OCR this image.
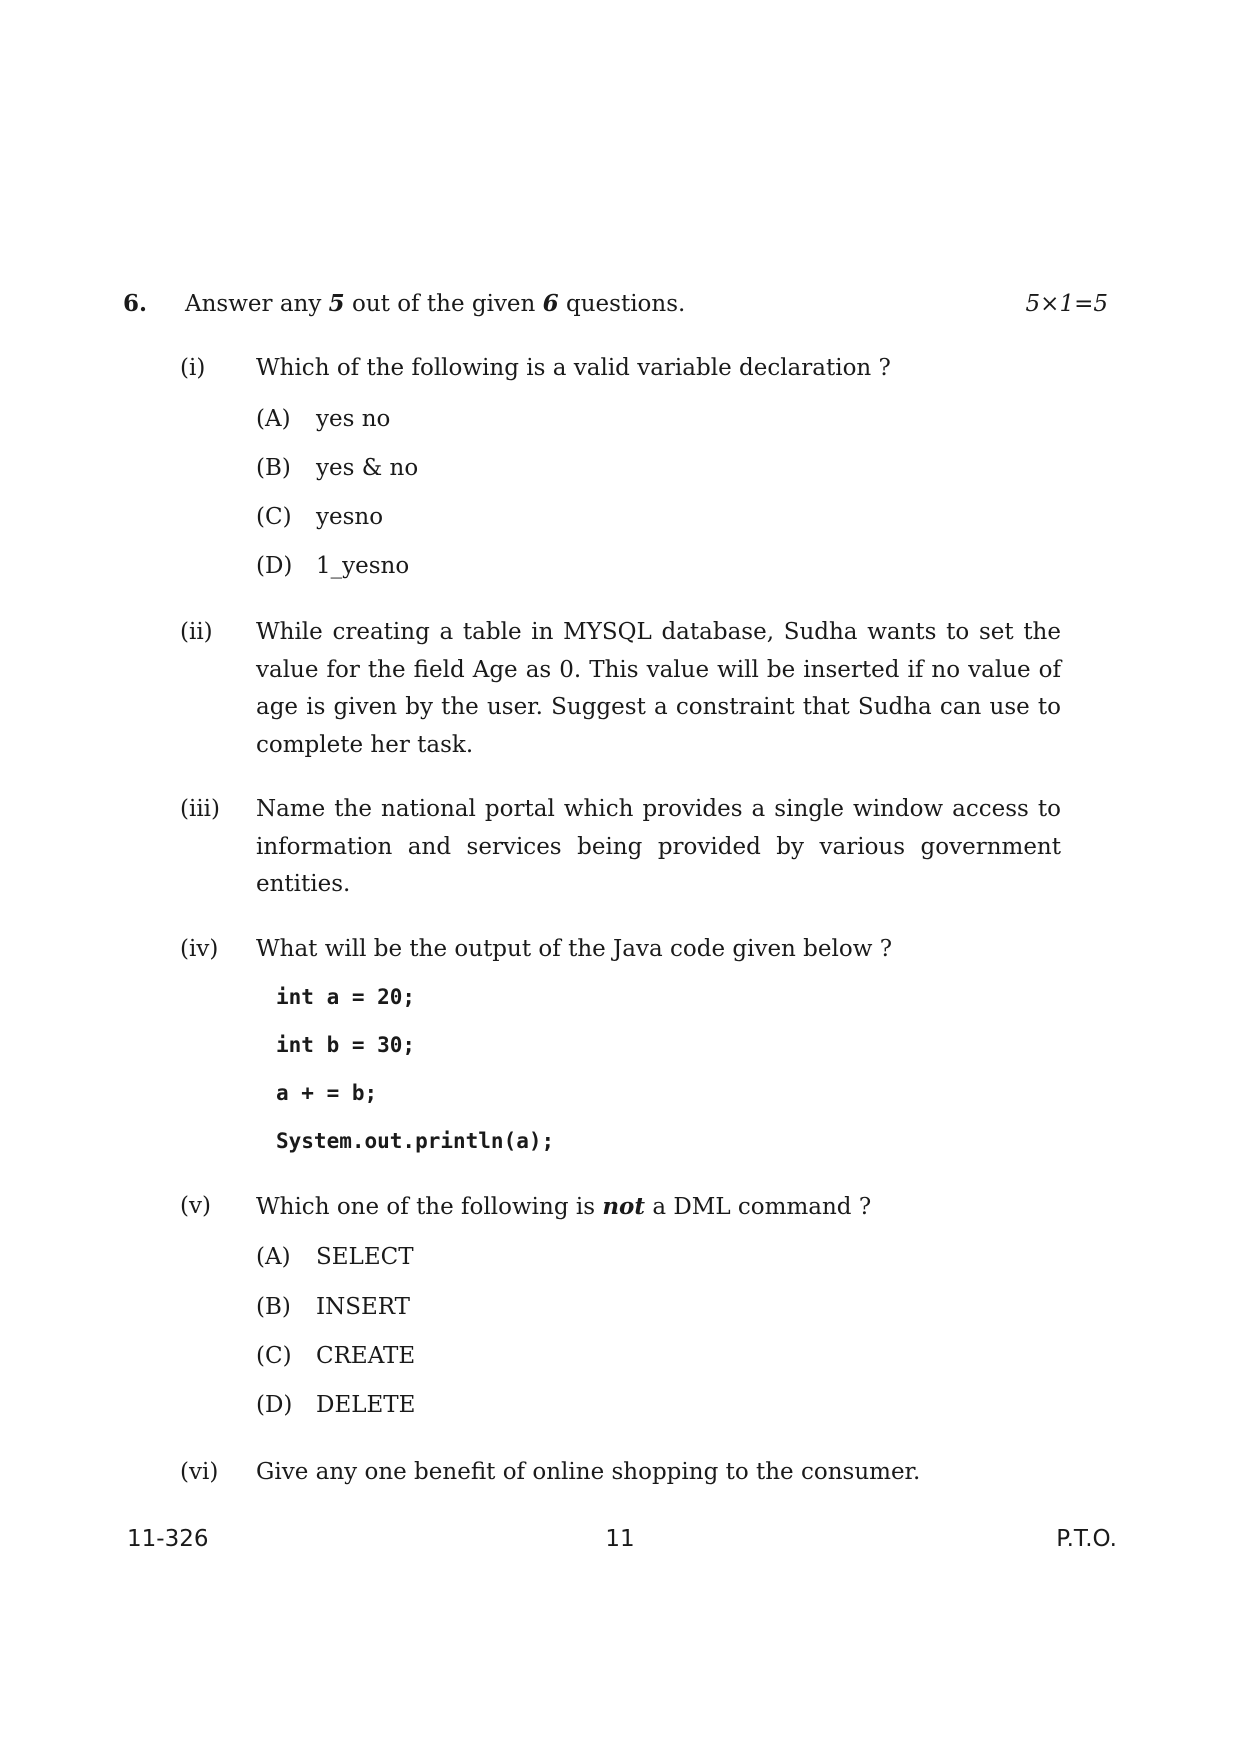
6. Answer any 5 out of the given 6 questions.	5×1=5
(i) Which of the following is a valid variable declaration ?
(A) yes no
(B) yes & no
(C) yesno
(D) 1_yesno
(ii) While creating a table in MYSQL database, Sudha wants to set the value for the field Age as 0. This value will be inserted if no value of age is given by the user. Suggest a constraint that Sudha can use to complete her task.
(iii) Name the national portal which provides a single window access to information and services being provided by various government entities.
(iv) What will be the output of the Java code given below ?
int a = 20;
int b = 30;
a + = b;
System.out.println(a);
(v) Which one of the following is not a DML command ?
(A) SELECT
(B) INSERT
(C) CREATE
(D) DELETE
(vi) Give any one benefit of online shopping to the consumer.
11-326	11	P.T.O.
